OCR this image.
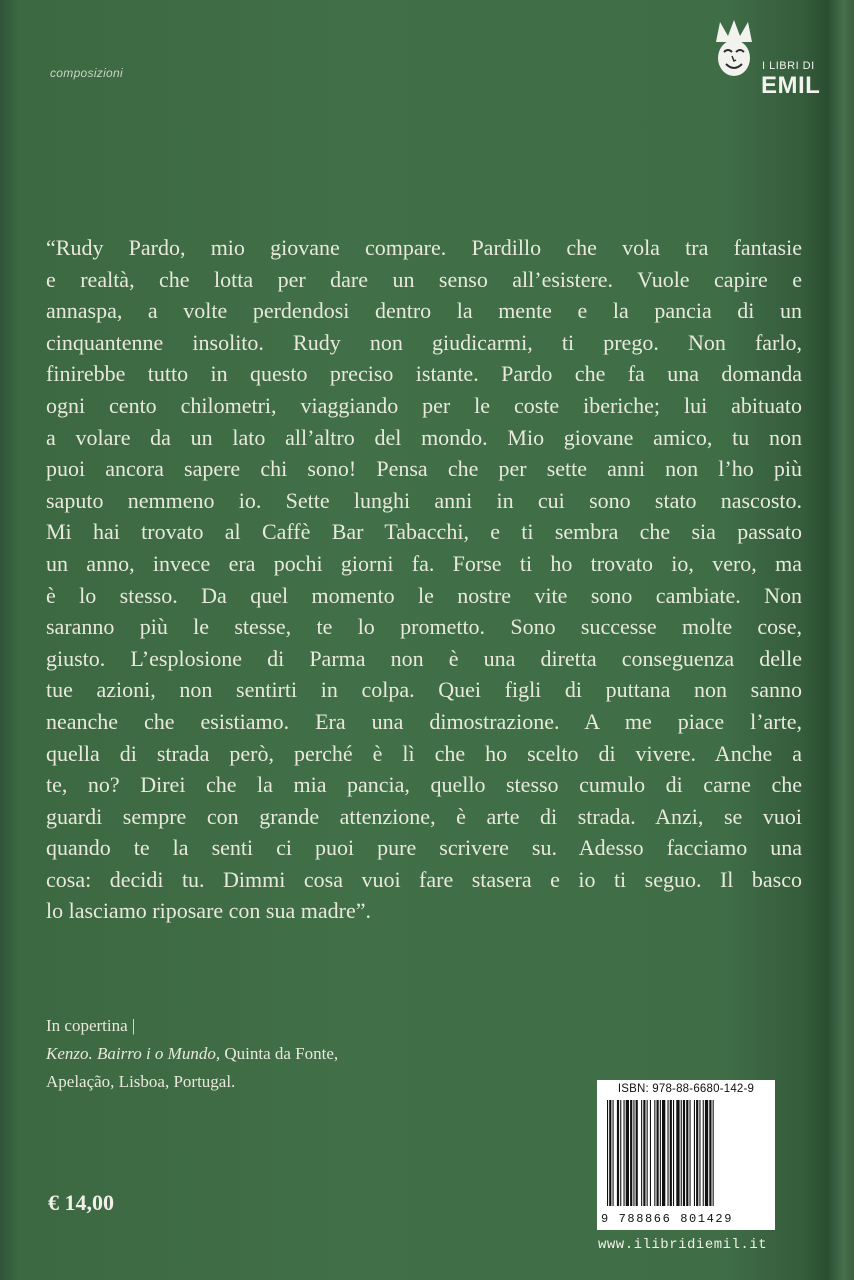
composizioni	I LIBRI DI
EMIL
“Rudy Pardo, mio giovane compare. Pardillo che vola tra fantasie
e realtà, che lotta per dare un senso all’esistere. Vuole capire e
annaspa, a volte perdendosi dentro la mente e la pancia di un
cinquantenne insolito. Rudy non giudicarmi, ti prego. Non farlo,
finirebbe tutto in questo preciso istante. Pardo che fa una domanda
ogni cento chilometri, viaggiando per le coste iberiche; lui abituato
a volare da un lato all’altro del mondo. Mio giovane amico, tu non
puoi ancora sapere chi sono! Pensa che per sette anni non l’ho più
saputo nemmeno io. Sette lunghi anni in cui sono stato nascosto.
Mi hai trovato al Caffè Bar Tabacchi, e ti sembra che sia passato
un anno, invece era pochi giorni fa. Forse ti ho trovato io, vero, ma
è lo stesso. Da quel momento le nostre vite sono cambiate. Non
saranno più le stesse, te lo prometto. Sono successe molte cose,
giusto. L’esplosione di Parma non è una diretta conseguenza delle
tue azioni, non sentirti in colpa. Quei figli di puttana non sanno
neanche che esistiamo. Era una dimostrazione. A me piace l’arte,
quella di strada però, perché è lì che ho scelto di vivere. Anche a
te, no? Direi che la mia pancia, quello stesso cumulo di carne che
guardi sempre con grande attenzione, è arte di strada. Anzi, se vuoi
quando te la senti ci puoi pure scrivere su. Adesso facciamo una
cosa: decidi tu. Dimmi cosa vuoi fare stasera e io ti seguo. Il basco
lo lasciamo riposare con sua madre”.
In copertina |
Kenzo. Bairro i o Mundo, Quinta da Fonte,
Apelação, Lisboa, Portugal.
€ 14,00
ISBN: 978-88-6680-142-9
9 788866 801429
www.ilibridiemil.it
